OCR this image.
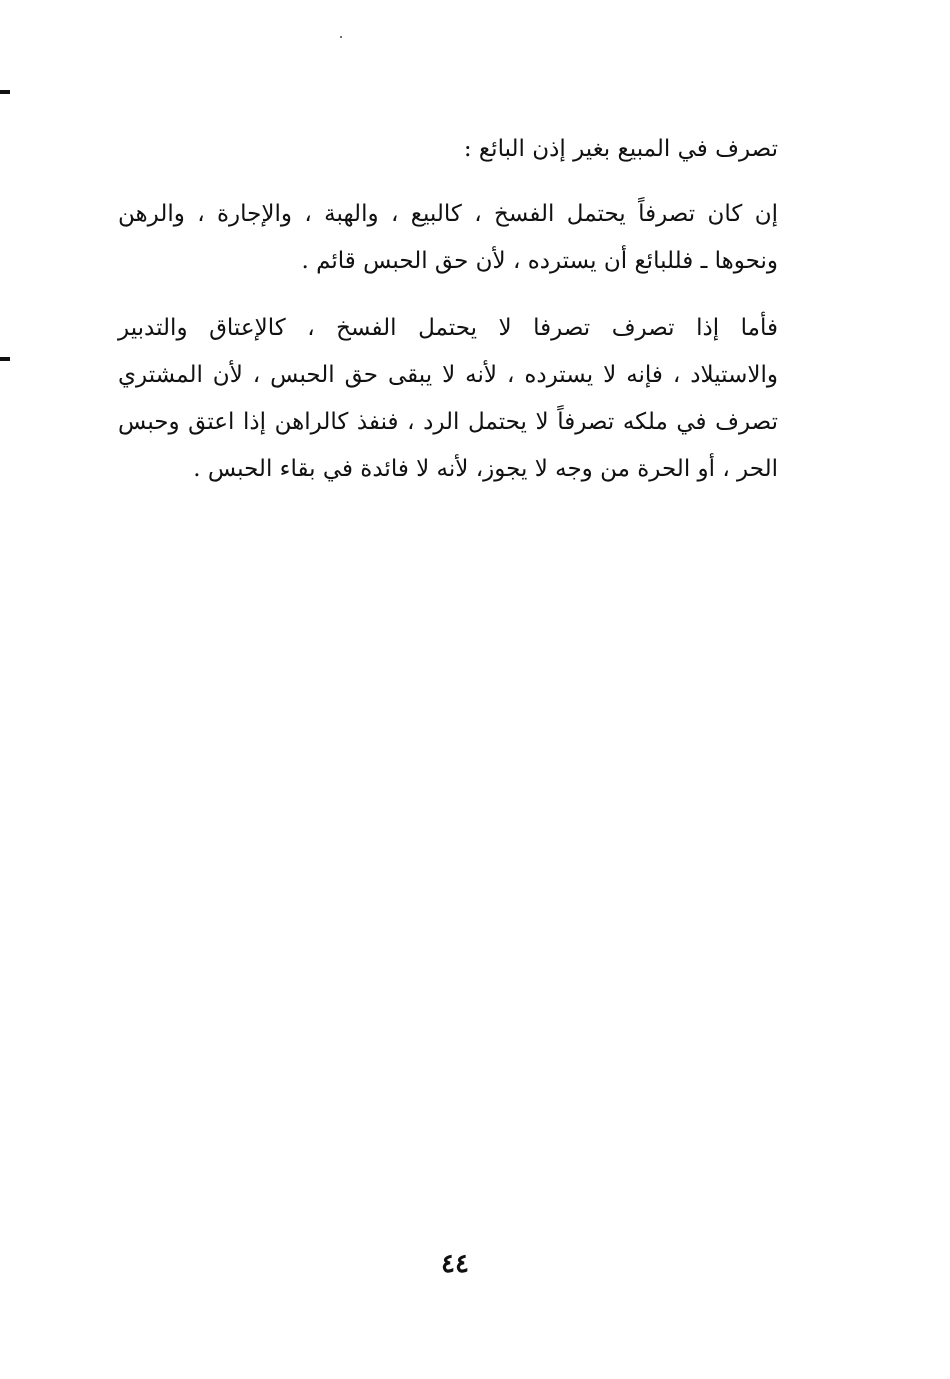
تصرف في المبيع بغير إذن البائع :

إن كان تصرفاً يحتمل الفسخ ، كالبيع ، والهبة ، والإجارة ، والرهن
ونحوها ـ فللبائع أن يسترده ، لأن حق الحبس قائم .

فأما إذا تصرف تصرفا لا يحتمل الفسخ ، كالإعتاق والتدبير
والاستيلاد ، فإنه لا يسترده ، لأنه لا يبقى حق الحبس ، لأن المشتري
تصرف في ملكه تصرفاً لا يحتمل الرد ، فنفذ كالراهن إذا اعتق وحبس
الحر ، أو الحرة من وجه لا يجوز، لأنه لا فائدة في بقاء الحبس .

٤٤
